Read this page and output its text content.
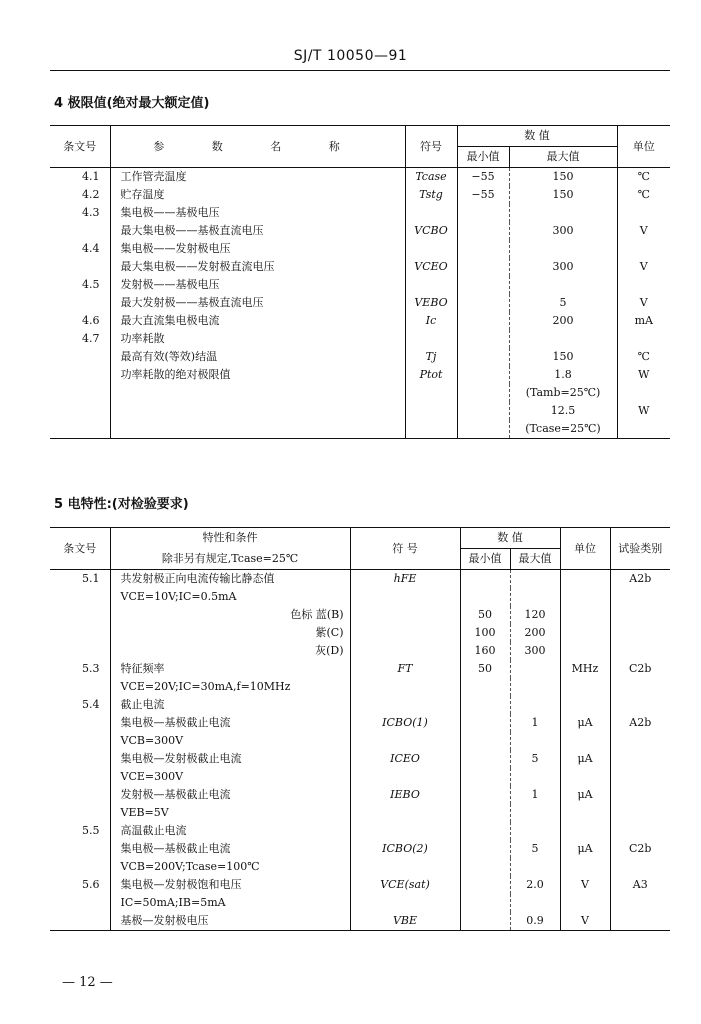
SJ/T 10050—91
4 极限值(绝对最大额定值)
条文号	参 数 名 称	符号	数 值		单位
			最小值	最大值	
4.1	工作管壳温度	Tcase	−55	150	℃
4.2	贮存温度	Tstg	−55	150	℃
4.3	集电极——基极电压				
	最大集电极——基极直流电压	VCBO		300	V
4.4	集电极——发射极电压				
	最大集电极——发射极直流电压	VCEO		300	V
4.5	发射极——基极电压				
	最大发射极——基极直流电压	VEBO		5	V
4.6	最大直流集电极电流	Ic		200	mA
4.7	功率耗散				
	最高有效(等效)结温	Tj		150	℃
	功率耗散的绝对极限值	Ptot		1.8	W
				(Tamb=25℃)	
				12.5	W
				(Tcase=25℃)	
5 电特性:(对检验要求)
条文号	特性和条件	符 号	数 值		单位	试验类别
	除非另有规定,Tcase=25℃		最小值	最大值		
5.1	共发射极正向电流传输比静态值	hFE				A2b
	VCE=10V;IC=0.5mA					
	色标 蓝(B)		50	120		
	紫(C)		100	200		
	灰(D)		160	300		
5.3	特征频率	FT	50		MHz	C2b
	VCE=20V;IC=30mA,f=10MHz					
5.4	截止电流					
	集电极—基极截止电流	ICBO(1)		1	μA	A2b
	VCB=300V					
	集电极—发射极截止电流	ICEO		5	μA	
	VCE=300V					
	发射极—基极截止电流	IEBO		1	μA	
	VEB=5V					
5.5	高温截止电流					
	集电极—基极截止电流	ICBO(2)		5	μA	C2b
	VCB=200V;Tcase=100℃					
5.6	集电极—发射极饱和电压	VCE(sat)		2.0	V	A3
	IC=50mA;IB=5mA					
	基极—发射极电压	VBE		0.9	V	
— 12 —
